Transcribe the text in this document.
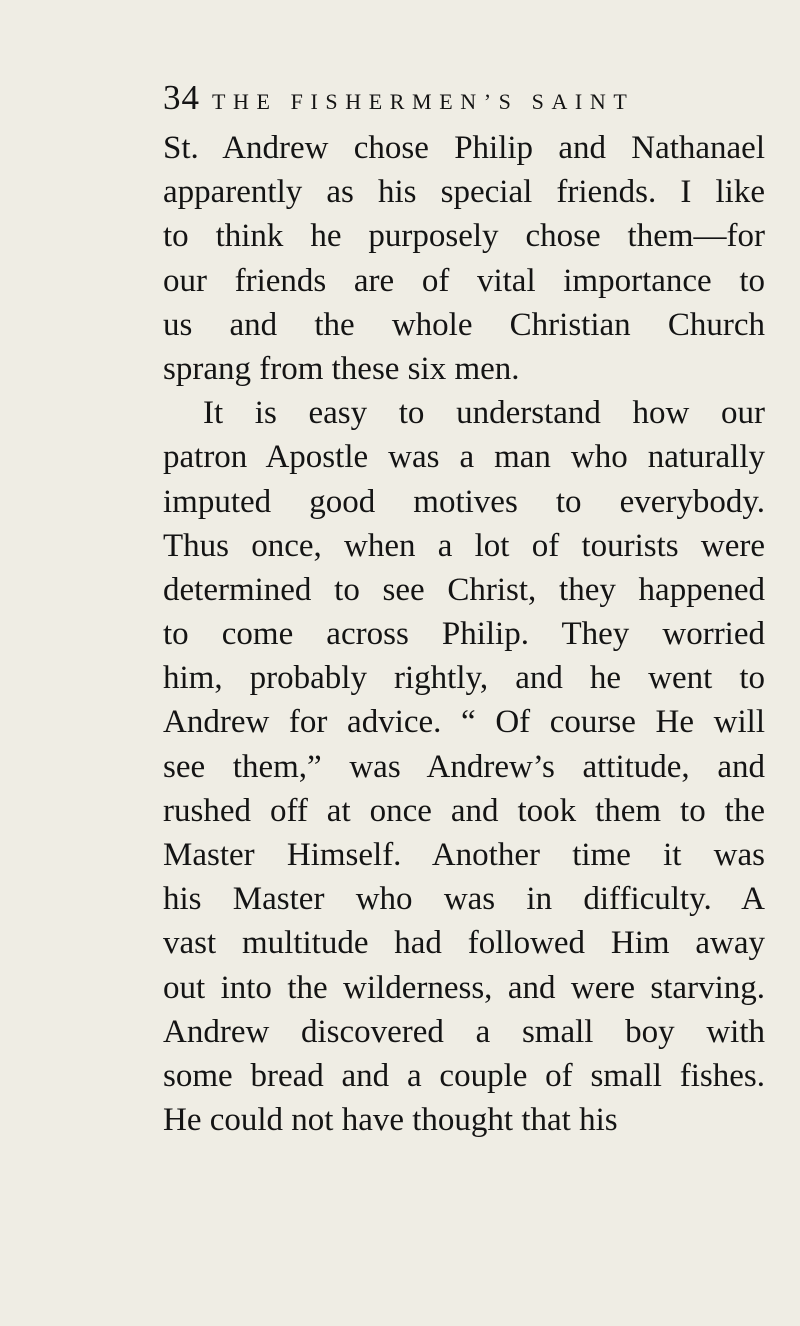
34 THE FISHERMEN’S SAINT
St. Andrew chose Philip and Nathanael
apparently as his special friends. I like
to think he purposely chose them—for
our friends are of vital importance to
us and the whole Christian Church
sprang from these six men.
It is easy to understand how our
patron Apostle was a man who naturally
imputed good motives to everybody.
Thus once, when a lot of tourists were
determined to see Christ, they happened
to come across Philip. They worried
him, probably rightly, and he went to
Andrew for advice. “ Of course He will
see them,” was Andrew’s attitude, and
rushed off at once and took them to the
Master Himself. Another time it was
his Master who was in difficulty. A
vast multitude had followed Him away
out into the wilderness, and were starving.
Andrew discovered a small boy with
some bread and a couple of small fishes.
He could not have thought that his
